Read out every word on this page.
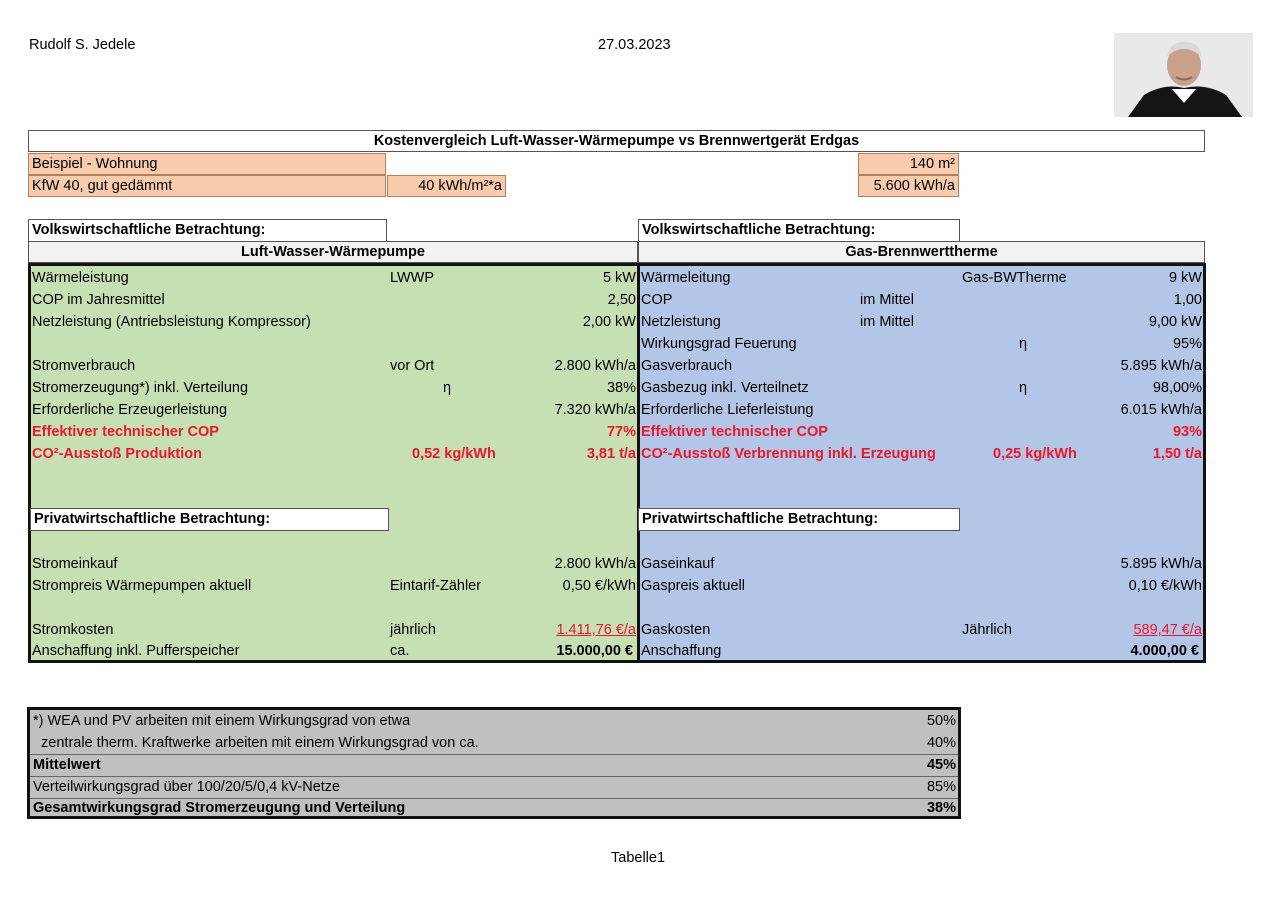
Rudolf S. Jedele	27.03.2023
Kostenvergleich Luft-Wasser-Wärmepumpe vs Brennwertgerät Erdgas
Beispiel - Wohnung	140 m²
KfW 40, gut gedämmt	40 kWh/m²*a	5.600 kWh/a
Volkswirtschaftliche Betrachtung:	Volkswirtschaftliche Betrachtung:
Luft-Wasser-Wärmepumpe	Gas-Brennwerttherme
Wärmeleistung	LWWP	5 kW
COP im Jahresmittel	2,50
Netzleistung (Antriebsleistung Kompressor)	2,00 kW
Stromverbrauch	vor Ort	2.800 kWh/a
Stromerzeugung*) inkl. Verteilung	η	38%
Erforderliche Erzeugerleistung	7.320 kWh/a
Effektiver technischer COP	77%
CO²-Ausstoß Produktion	0,52 kg/kWh	3,81 t/a
Privatwirtschaftliche Betrachtung:
Stromeinkauf	2.800 kWh/a
Strompreis Wärmepumpen aktuell	Eintarif-Zähler	0,50 €/kWh
Stromkosten	jährlich	1.411,76 €/a
Anschaffung inkl. Pufferspeicher	ca.	15.000,00 €
Wärmeleitung	Gas-BWTherme	9 kW
COP	im Mittel	1,00
Netzleistung	im Mittel	9,00 kW
Wirkungsgrad Feuerung	η	95%
Gasverbrauch	5.895 kWh/a
Gasbezug inkl. Verteilnetz	η	98,00%
Erforderliche Lieferleistung	6.015 kWh/a
Effektiver technischer COP	93%
CO²-Ausstoß Verbrennung inkl. Erzeugung	0,25 kg/kWh	1,50 t/a
Privatwirtschaftliche Betrachtung:
Gaseinkauf	5.895 kWh/a
Gaspreis aktuell	0,10 €/kWh
Gaskosten	Jährlich	589,47 €/a
Anschaffung	4.000,00 €
*) WEA und PV arbeiten mit einem Wirkungsgrad von etwa	50%
zentrale therm. Kraftwerke arbeiten mit einem Wirkungsgrad von ca.	40%
Mittelwert	45%
Verteilwirkungsgrad über 100/20/5/0,4 kV-Netze	85%
Gesamtwirkungsgrad Stromerzeugung und Verteilung	38%
Tabelle1
